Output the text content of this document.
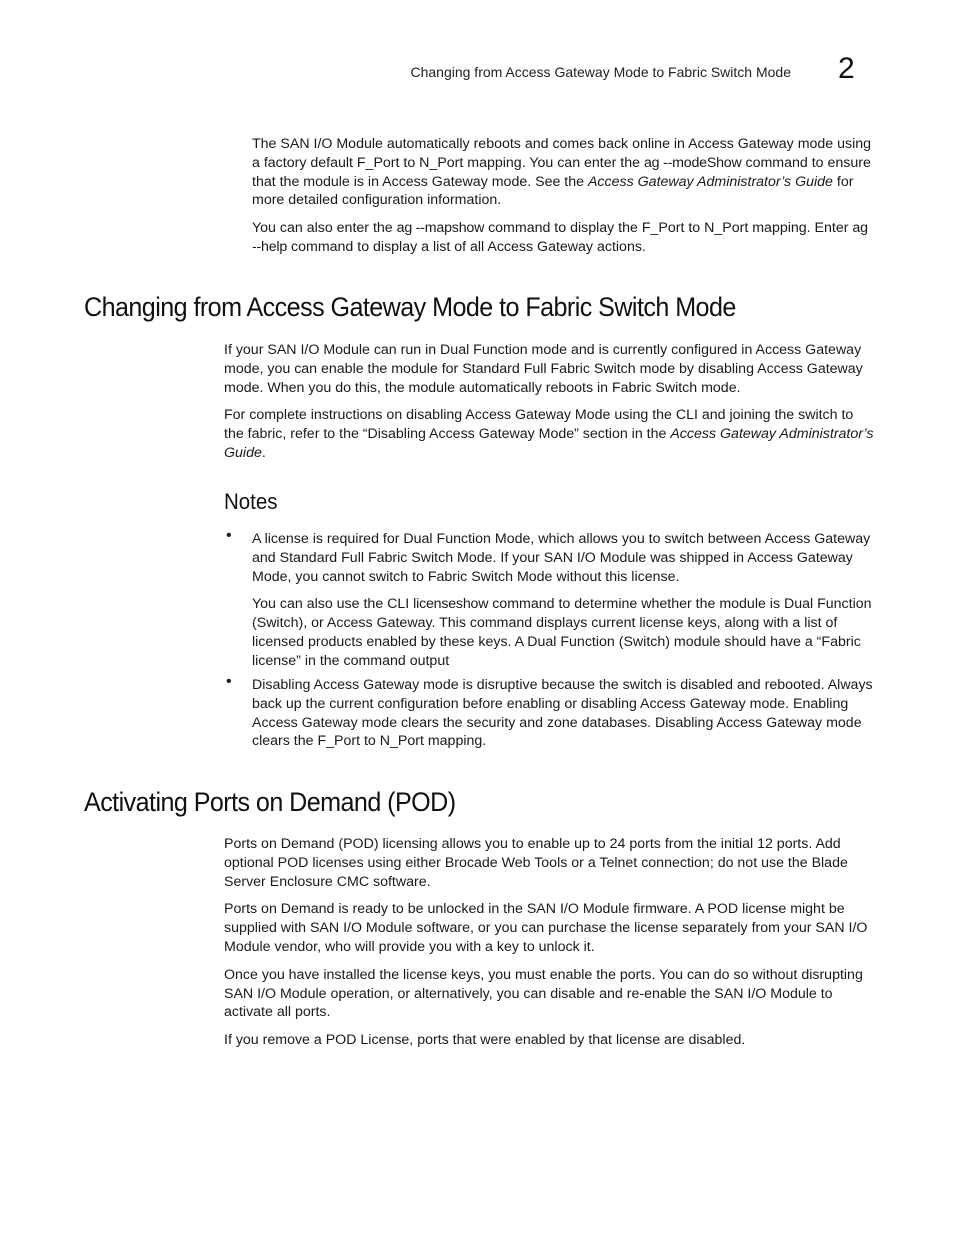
Changing from Access Gateway Mode to Fabric Switch Mode 2

The SAN I/O Module automatically reboots and comes back online in Access Gateway mode using a factory default F_Port to N_Port mapping. You can enter the ag --modeShow command to ensure that the module is in Access Gateway mode. See the Access Gateway Administrator’s Guide for more detailed configuration information.

You can also enter the ag --mapshow command to display the F_Port to N_Port mapping. Enter ag --help command to display a list of all Access Gateway actions.

Changing from Access Gateway Mode to Fabric Switch Mode

If your SAN I/O Module can run in Dual Function mode and is currently configured in Access Gateway mode, you can enable the module for Standard Full Fabric Switch mode by disabling Access Gateway mode. When you do this, the module automatically reboots in Fabric Switch mode.

For complete instructions on disabling Access Gateway Mode using the CLI and joining the switch to the fabric, refer to the “Disabling Access Gateway Mode” section in the Access Gateway Administrator’s Guide.

Notes
• A license is required for Dual Function Mode, which allows you to switch between Access Gateway and Standard Full Fabric Switch Mode. If your SAN I/O Module was shipped in Access Gateway Mode, you cannot switch to Fabric Switch Mode without this license.

You can also use the CLI licenseshow command to determine whether the module is Dual Function (Switch), or Access Gateway. This command displays current license keys, along with a list of licensed products enabled by these keys. A Dual Function (Switch) module should have a “Fabric license” in the command output

• Disabling Access Gateway mode is disruptive because the switch is disabled and rebooted. Always back up the current configuration before enabling or disabling Access Gateway mode. Enabling Access Gateway mode clears the security and zone databases. Disabling Access Gateway mode clears the F_Port to N_Port mapping.

Activating Ports on Demand (POD)

Ports on Demand (POD) licensing allows you to enable up to 24 ports from the initial 12 ports. Add optional POD licenses using either Brocade Web Tools or a Telnet connection; do not use the Blade Server Enclosure CMC software.

Ports on Demand is ready to be unlocked in the SAN I/O Module firmware. A POD license might be supplied with SAN I/O Module software, or you can purchase the license separately from your SAN I/O Module vendor, who will provide you with a key to unlock it.

Once you have installed the license keys, you must enable the ports. You can do so without disrupting SAN I/O Module operation, or alternatively, you can disable and re-enable the SAN I/O Module to activate all ports.

If you remove a POD License, ports that were enabled by that license are disabled.
